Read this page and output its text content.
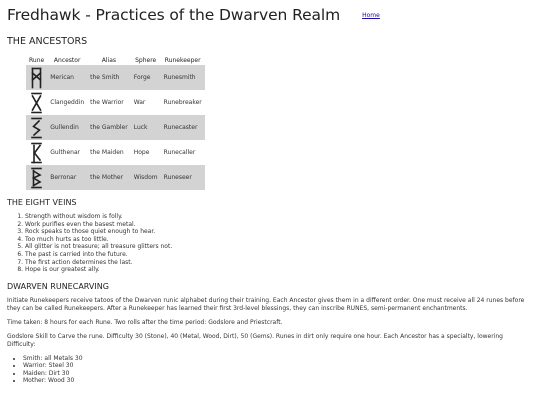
Fredhawk - Practices of the Dwarven Realm	Home
THE ANCESTORS
Rune	Ancestor	Alias	Sphere	Runekeeper

	Merican	the Smith	Forge	Runesmith

	Clangeddin	the Warrior	War	Runebreaker

	Gullendin	the Gambler	Luck	Runecaster

	Gulthenar	the Maiden	Hope	Runecaller

	Berronar	the Mother	Wisdom	Runeseer
THE EIGHT VEINS
1. Strength without wisdom is folly.
2. Work purifies even the basest metal.
3. Rock speaks to those quiet enough to hear.
4. Too much hurts as too little.
5. All glitter is not treasure; all treasure glitters not.
6. The past is carried into the future.
7. The first action determines the last.
8. Hope is our greatest ally.
DWARVEN RUNECARVING

Initiate Runekeepers receive tatoos of the Dwarven runic alphabet during their training. Each Ancestor gives them in a different order. One must receive all 24 runes before they can be called Runekeepers. After a Runekeeper has learned their first 3rd-level blessings, they can inscribe RUNES, semi-permanent enchantments.

Time taken: 8 hours for each Rune. Two rolls after the time period: Godslore and Priestcraft.

Godslore Skill to Carve the rune. Difficulty 30 (Stone), 40 (Metal, Wood, Dirt), 50 (Gems). Runes in dirt only require one hour. Each Ancestor has a specialty, lowering Difficulty:

• Smith: all Metals 30
• Warrior: Steel 30
• Maiden: Dirt 30
• Mother: Wood 30
